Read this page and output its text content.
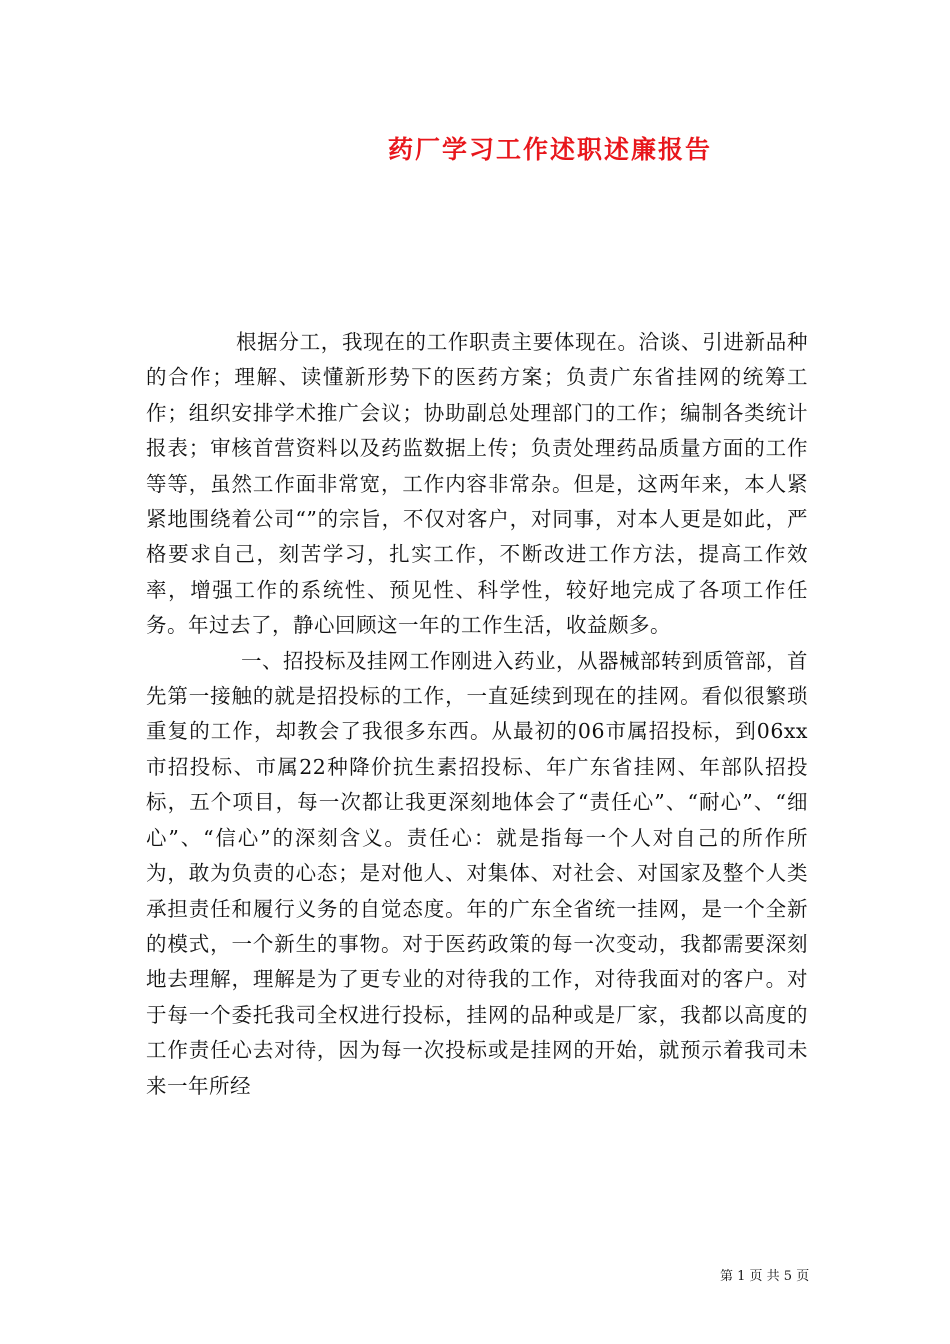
药厂学习工作述职述廉报告

根据分工，我现在的工作职责主要体现在。洽谈、引进新品种的合作；理解、读懂新形势下的医药方案；负责广东省挂网的统筹工作；组织安排学术推广会议；协助副总处理部门的工作；编制各类统计报表；审核首营资料以及药监数据上传；负责处理药品质量方面的工作等等，虽然工作面非常宽，工作内容非常杂。但是，这两年来，本人紧紧地围绕着公司“”的宗旨，不仅对客户，对同事，对本人更是如此，严格要求自己，刻苦学习，扎实工作，不断改进工作方法，提高工作效率，增强工作的系统性、预见性、科学性，较好地完成了各项工作任务。年过去了，静心回顾这一年的工作生活，收益颇多。

一、招投标及挂网工作刚进入药业，从器械部转到质管部，首先第一接触的就是招投标的工作，一直延续到现在的挂网。看似很繁琐重复的工作，却教会了我很多东西。从最初的06市属招投标，到06xx市招投标、市属22种降价抗生素招投标、年广东省挂网、年部队招投标，五个项目，每一次都让我更深刻地体会了“责任心”、“耐心”、“细心”、“信心”的深刻含义。责任心：就是指每一个人对自己的所作所为，敢为负责的心态；是对他人、对集体、对社会、对国家及整个人类承担责任和履行义务的自觉态度。年的广东全省统一挂网，是一个全新的模式，一个新生的事物。对于医药政策的每一次变动，我都需要深刻地去理解，理解是为了更专业的对待我的工作，对待我面对的客户。对于每一个委托我司全权进行投标，挂网的品种或是厂家，我都以高度的工作责任心去对待，因为每一次投标或是挂网的开始，就预示着我司未来一年所经

第 1 页 共 5 页
